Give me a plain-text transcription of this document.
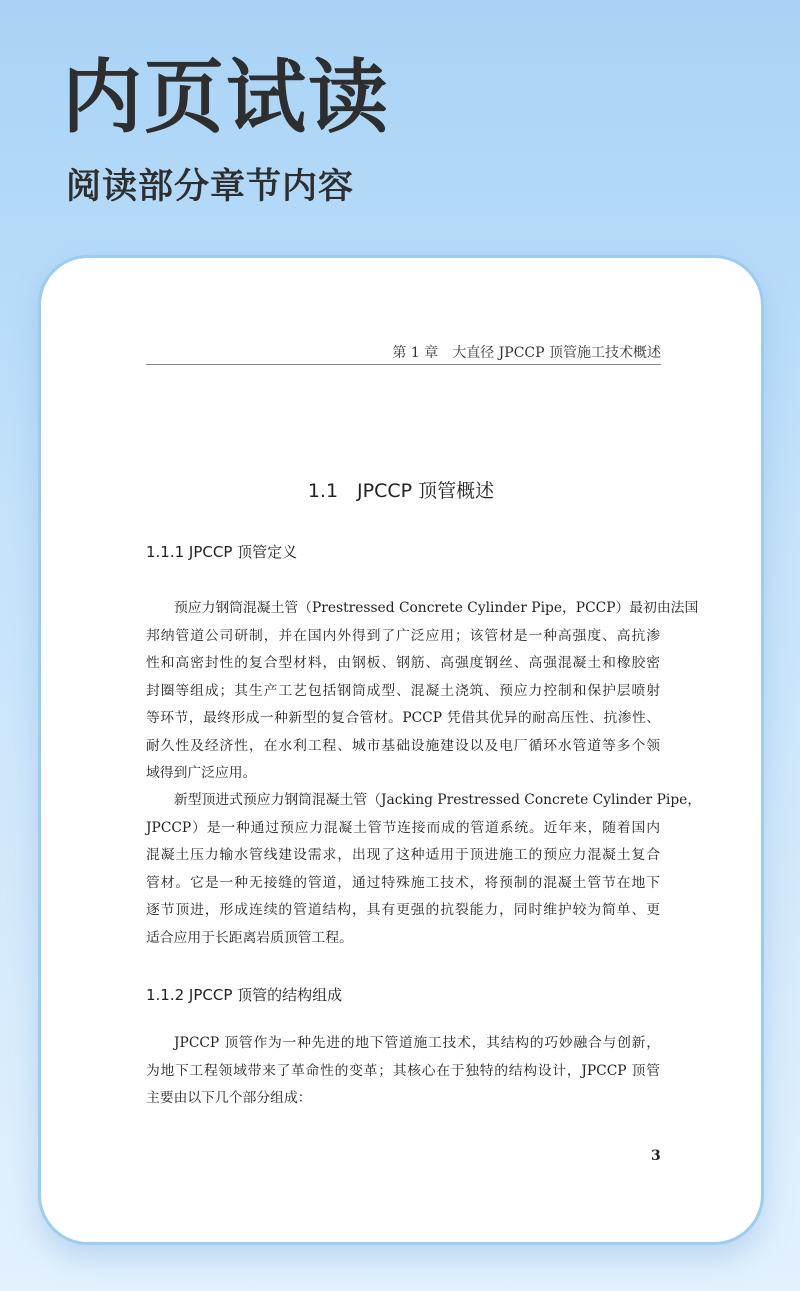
内页试读
阅读部分章节内容
第 1 章　大直径 JPCCP 顶管施工技术概述
1.1　JPCCP 顶管概述
1.1.1 JPCCP 顶管定义
预应力钢筒混凝土管（Prestressed Concrete Cylinder Pipe，PCCP）最初由法国
邦纳管道公司研制，并在国内外得到了广泛应用；该管材是一种高强度、高抗渗
性和高密封性的复合型材料，由钢板、钢筋、高强度钢丝、高强混凝土和橡胶密
封圈等组成；其生产工艺包括钢筒成型、混凝土浇筑、预应力控制和保护层喷射
等环节，最终形成一种新型的复合管材。PCCP 凭借其优异的耐高压性、抗渗性、
耐久性及经济性，在水利工程、城市基础设施建设以及电厂循环水管道等多个领
域得到广泛应用。
新型顶进式预应力钢筒混凝土管（Jacking Prestressed Concrete Cylinder Pipe，
JPCCP）是一种通过预应力混凝土管节连接而成的管道系统。近年来，随着国内
混凝土压力输水管线建设需求，出现了这种适用于顶进施工的预应力混凝土复合
管材。它是一种无接缝的管道，通过特殊施工技术，将预制的混凝土管节在地下
逐节顶进，形成连续的管道结构，具有更强的抗裂能力，同时维护较为简单、更
适合应用于长距离岩质顶管工程。
1.1.2 JPCCP 顶管的结构组成
JPCCP 顶管作为一种先进的地下管道施工技术，其结构的巧妙融合与创新，
为地下工程领域带来了革命性的变革；其核心在于独特的结构设计，JPCCP 顶管
主要由以下几个部分组成：
3
